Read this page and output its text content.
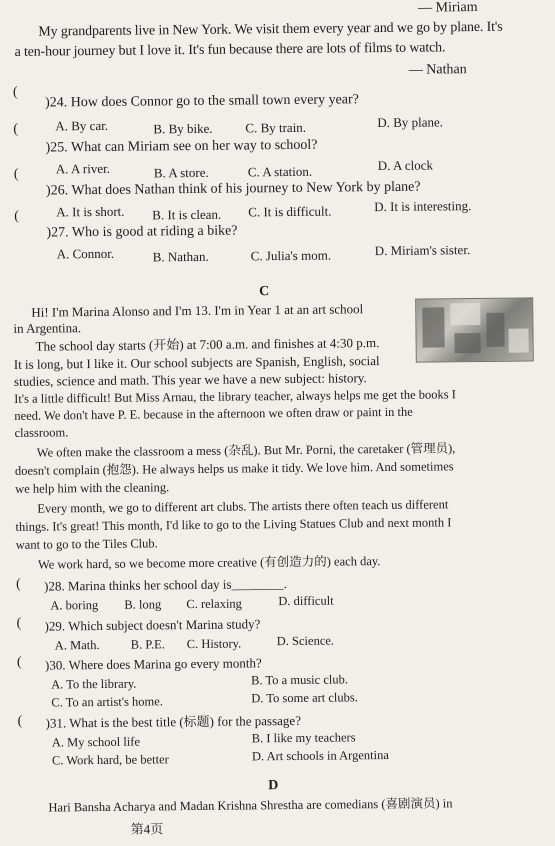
— Miriam
My grandparents live in New York. We visit them every year and we go by plane. It's
a ten-hour journey but I love it. It's fun because there are lots of films to watch.
— Nathan
(
)24. How does Connor go to the small town every year?
A. By car.	B. By bike.	C. By train.	D. By plane.
(
)25. What can Miriam see on her way to school?
A. A river.	B. A store.	C. A station.	D. A clock
(
)26. What does Nathan think of his journey to New York by plane?
A. It is short. B. It is clean. C. It is difficult.	D. It is interesting.
(
)27. Who is good at riding a bike?
A. Connor.	B. Nathan.	C. Julia's mom.	D. Miriam's sister.
C
Hi! I'm Marina Alonso and I'm 13. I'm in Year 1 at an art school
in Argentina.
The school day starts (开始) at 7:00 a.m. and finishes at 4:30 p.m.
It is long, but I like it. Our school subjects are Spanish, English, social
studies, science and math. This year we have a new subject: history.
It's a little difficult! But Miss Arnau, the library teacher, always helps me get the books I
need. We don't have P. E. because in the afternoon we often draw or paint in the
classroom.
We often make the classroom a mess (杂乱). But Mr. Porni, the caretaker (管理员),
doesn't complain (抱怨). He always helps us make it tidy. We love him. And sometimes
we help him with the cleaning.
Every month, we go to different art clubs. The artists there often teach us different
things. It's great! This month, I'd like to go to the Living Statues Club and next month I
want to go to the Tiles Club.
We work hard, so we become more creative (有创造力的) each day.
( )28. Marina thinks her school day is________.
A. boring B. long C. relaxing	D. difficult
( )29. Which subject doesn't Marina study?
A. Math. B. P.E. C. History.	D. Science.
( )30. Where does Marina go every month?
A. To the library.	B. To a music club.
C. To an artist's home.	D. To some art clubs.
( )31. What is the best title (标题) for the passage?
A. My school life	B. I like my teachers
C. Work hard, be better	D. Art schools in Argentina
D
Hari Bansha Acharya and Madan Krishna Shrestha are comedians (喜剧演员) in
第4页
